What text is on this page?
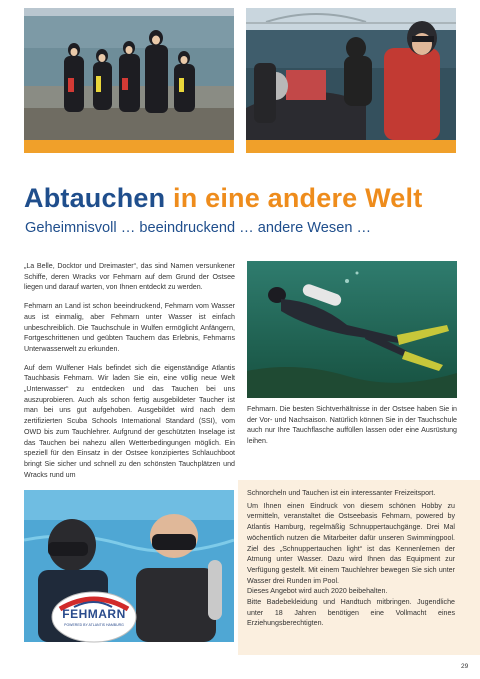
Abtauchen in eine andere Welt
Geheimnisvoll … beeindruckend … andere Wesen …

„La Belle, Docktor und Dreimaster“, das sind Namen versunkener Schiffe, deren Wracks vor Fehmarn auf dem Grund der Ostsee liegen und darauf warten, von Ihnen entdeckt zu werden.

Fehmarn an Land ist schon beeindruckend, Fehmarn vom Wasser aus ist einmalig, aber Fehmarn unter Wasser ist einfach unbeschreiblich. Die Tauchschule in Wulfen ermöglicht Anfängern, Fortgeschrittenen und geübten Tauchern das Erlebnis, Fehmarns Unterwasserwelt zu erkunden.

Auf dem Wulfener Hals befindet sich die eigenständige Atlantis Tauchbasis Fehmarn. Wir laden Sie ein, eine völlig neue Welt „Unterwasser“ zu entdecken und das Tauchen bei uns auszuprobieren. Auch als schon fertig ausgebildeter Taucher ist man bei uns gut aufgehoben. Ausgebildet wird nach dem zertifizierten Scuba Schools International Standard (SSI), vom OWD bis zum Tauchlehrer. Aufgrund der geschützten Inselage ist das Tauchen bei nahezu allen Wetterbedingungen möglich. Ein speziell für den Einsatz in der Ostsee konzipiertes Schlauchboot bringt Sie sicher und schnell zu den schönsten Tauchplätzen und Wracks rund um

Fehmarn. Die besten Sichtverhältnisse in der Ostsee haben Sie in der Vor- und Nachsaison. Natürlich können Sie in der Tauchschule auch nur Ihre Tauchflasche auffüllen lassen oder eine Ausrüstung leihen.
FEHMARN
POWERED BY ATLANTIS HAMBURG
Schnorcheln und Tauchen ist ein interessanter Freizeitsport.
Um Ihnen einen Eindruck von diesem schönen Hobby zu vermitteln, veranstaltet die Ostseebasis Fehmarn, powered by Atlantis Hamburg, regelmäßig Schnuppertauchgänge. Drei Mal wöchentlich nutzen die Mitarbeiter dafür unseren Swimmingpool. Ziel des „Schnuppertauchen light“ ist das Kennenlernen der Atmung unter Wasser. Dazu wird Ihnen das Equipment zur Verfügung gestellt. Mit einem Tauchlehrer bewegen Sie sich unter Wasser drei Runden im Pool.
Dieses Angebot wird auch 2020 beibehalten.
Bitte Badebekleidung und Handtuch mitbringen. Jugendliche unter 18 Jahren benötigen eine Vollmacht eines Erziehungsberechtigten.
29
